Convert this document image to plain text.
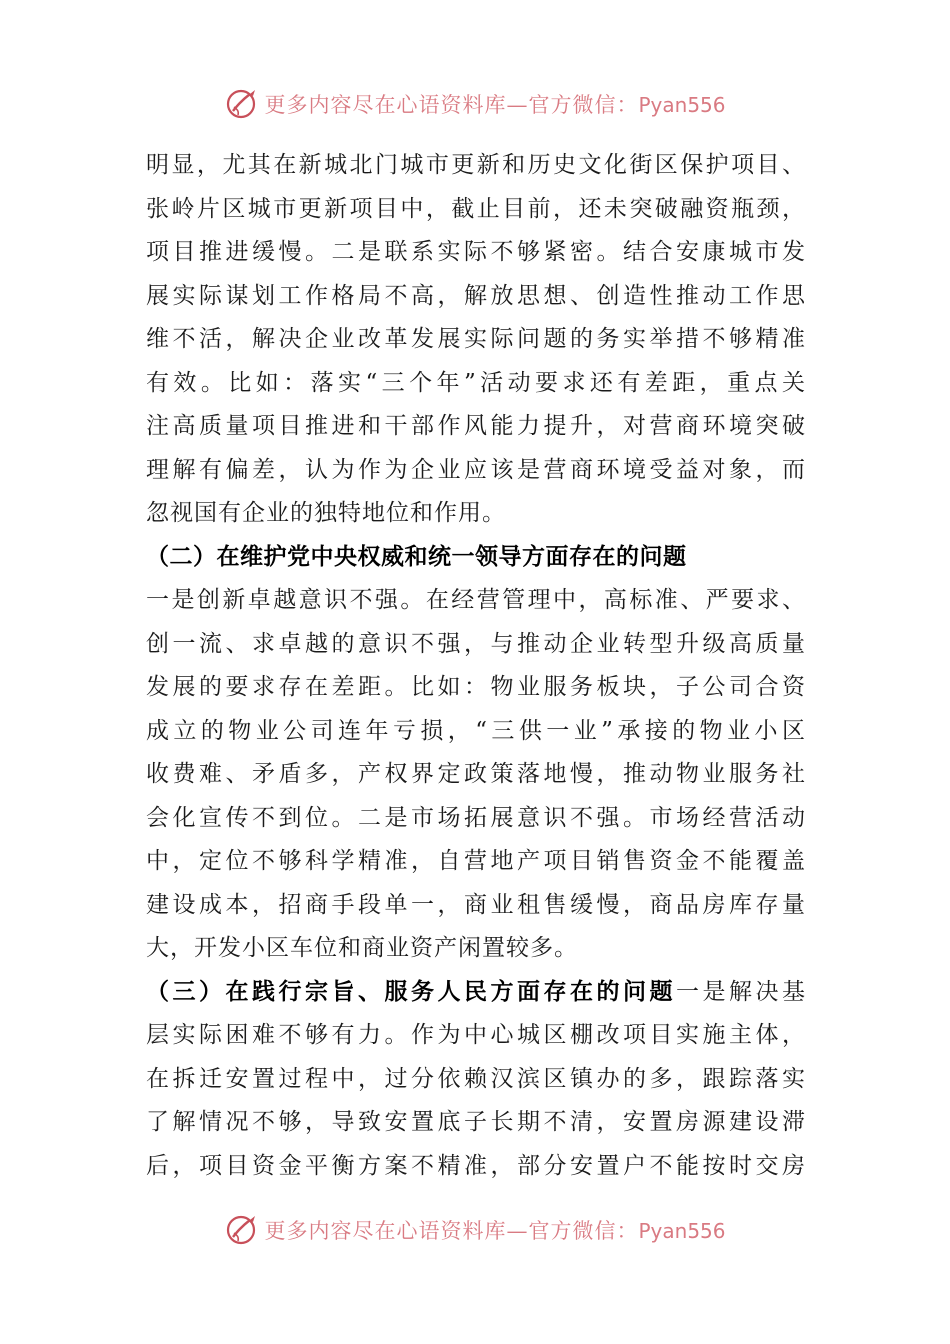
更多内容尽在心语资料库—官方微信：Pyan556
明显，尤其在新城北门城市更新和历史文化街区保护项目、
张岭片区城市更新项目中，截止目前，还未突破融资瓶颈，
项目推进缓慢。二是联系实际不够紧密。结合安康城市发
展实际谋划工作格局不高，解放思想、创造性推动工作思
维不活，解决企业改革发展实际问题的务实举措不够精准
有效。比如：落实“三个年”活动要求还有差距，重点关
注高质量项目推进和干部作风能力提升，对营商环境突破
理解有偏差，认为作为企业应该是营商环境受益对象，而
忽视国有企业的独特地位和作用。
（二）在维护党中央权威和统一领导方面存在的问题
一是创新卓越意识不强。在经营管理中，高标准、严要求、
创一流、求卓越的意识不强，与推动企业转型升级高质量
发展的要求存在差距。比如：物业服务板块，子公司合资
成立的物业公司连年亏损，“三供一业”承接的物业小区
收费难、矛盾多，产权界定政策落地慢，推动物业服务社
会化宣传不到位。二是市场拓展意识不强。市场经营活动
中，定位不够科学精准，自营地产项目销售资金不能覆盖
建设成本，招商手段单一，商业租售缓慢，商品房库存量
大，开发小区车位和商业资产闲置较多。
（三）在践行宗旨、服务人民方面存在的问题一是解决基
层实际困难不够有力。作为中心城区棚改项目实施主体，
在拆迁安置过程中，过分依赖汉滨区镇办的多，跟踪落实
了解情况不够，导致安置底子长期不清，安置房源建设滞
后，项目资金平衡方案不精准，部分安置户不能按时交房
更多内容尽在心语资料库—官方微信：Pyan556
